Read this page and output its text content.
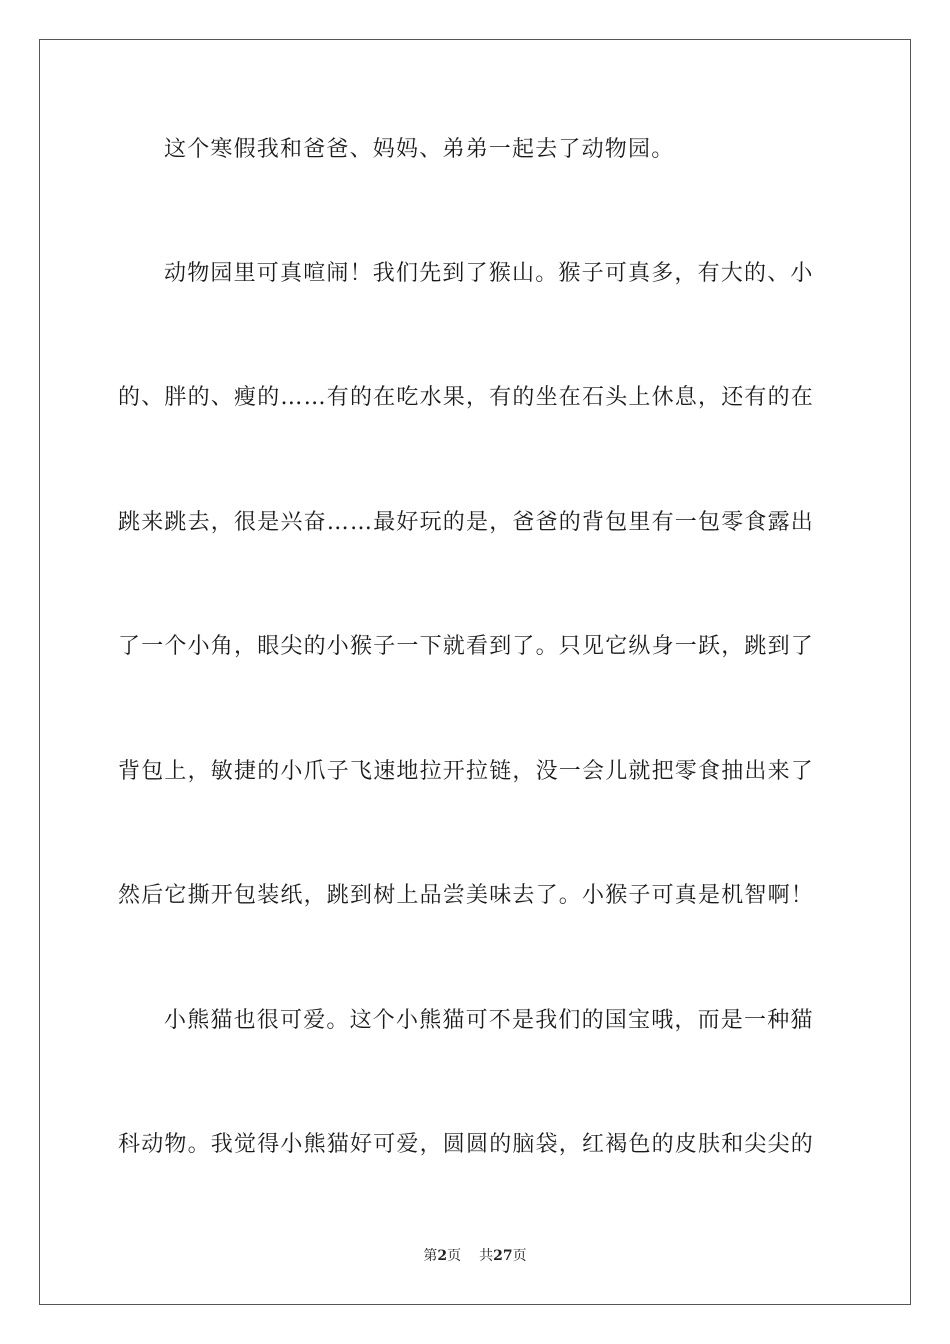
这个寒假我和爸爸、妈妈、弟弟一起去了动物园。
动物园里可真喧闹！我们先到了猴山。猴子可真多，有大的、小
的、胖的、瘦的……有的在吃水果，有的坐在石头上休息，还有的在
跳来跳去，很是兴奋……最好玩的是，爸爸的背包里有一包零食露出
了一个小角，眼尖的小猴子一下就看到了。只见它纵身一跃，跳到了
背包上，敏捷的小爪子飞速地拉开拉链，没一会儿就把零食抽出来了
然后它撕开包装纸，跳到树上品尝美味去了。小猴子可真是机智啊！
小熊猫也很可爱。这个小熊猫可不是我们的国宝哦，而是一种猫
科动物。我觉得小熊猫好可爱，圆圆的脑袋，红褐色的皮肤和尖尖的
第2页 共27页
